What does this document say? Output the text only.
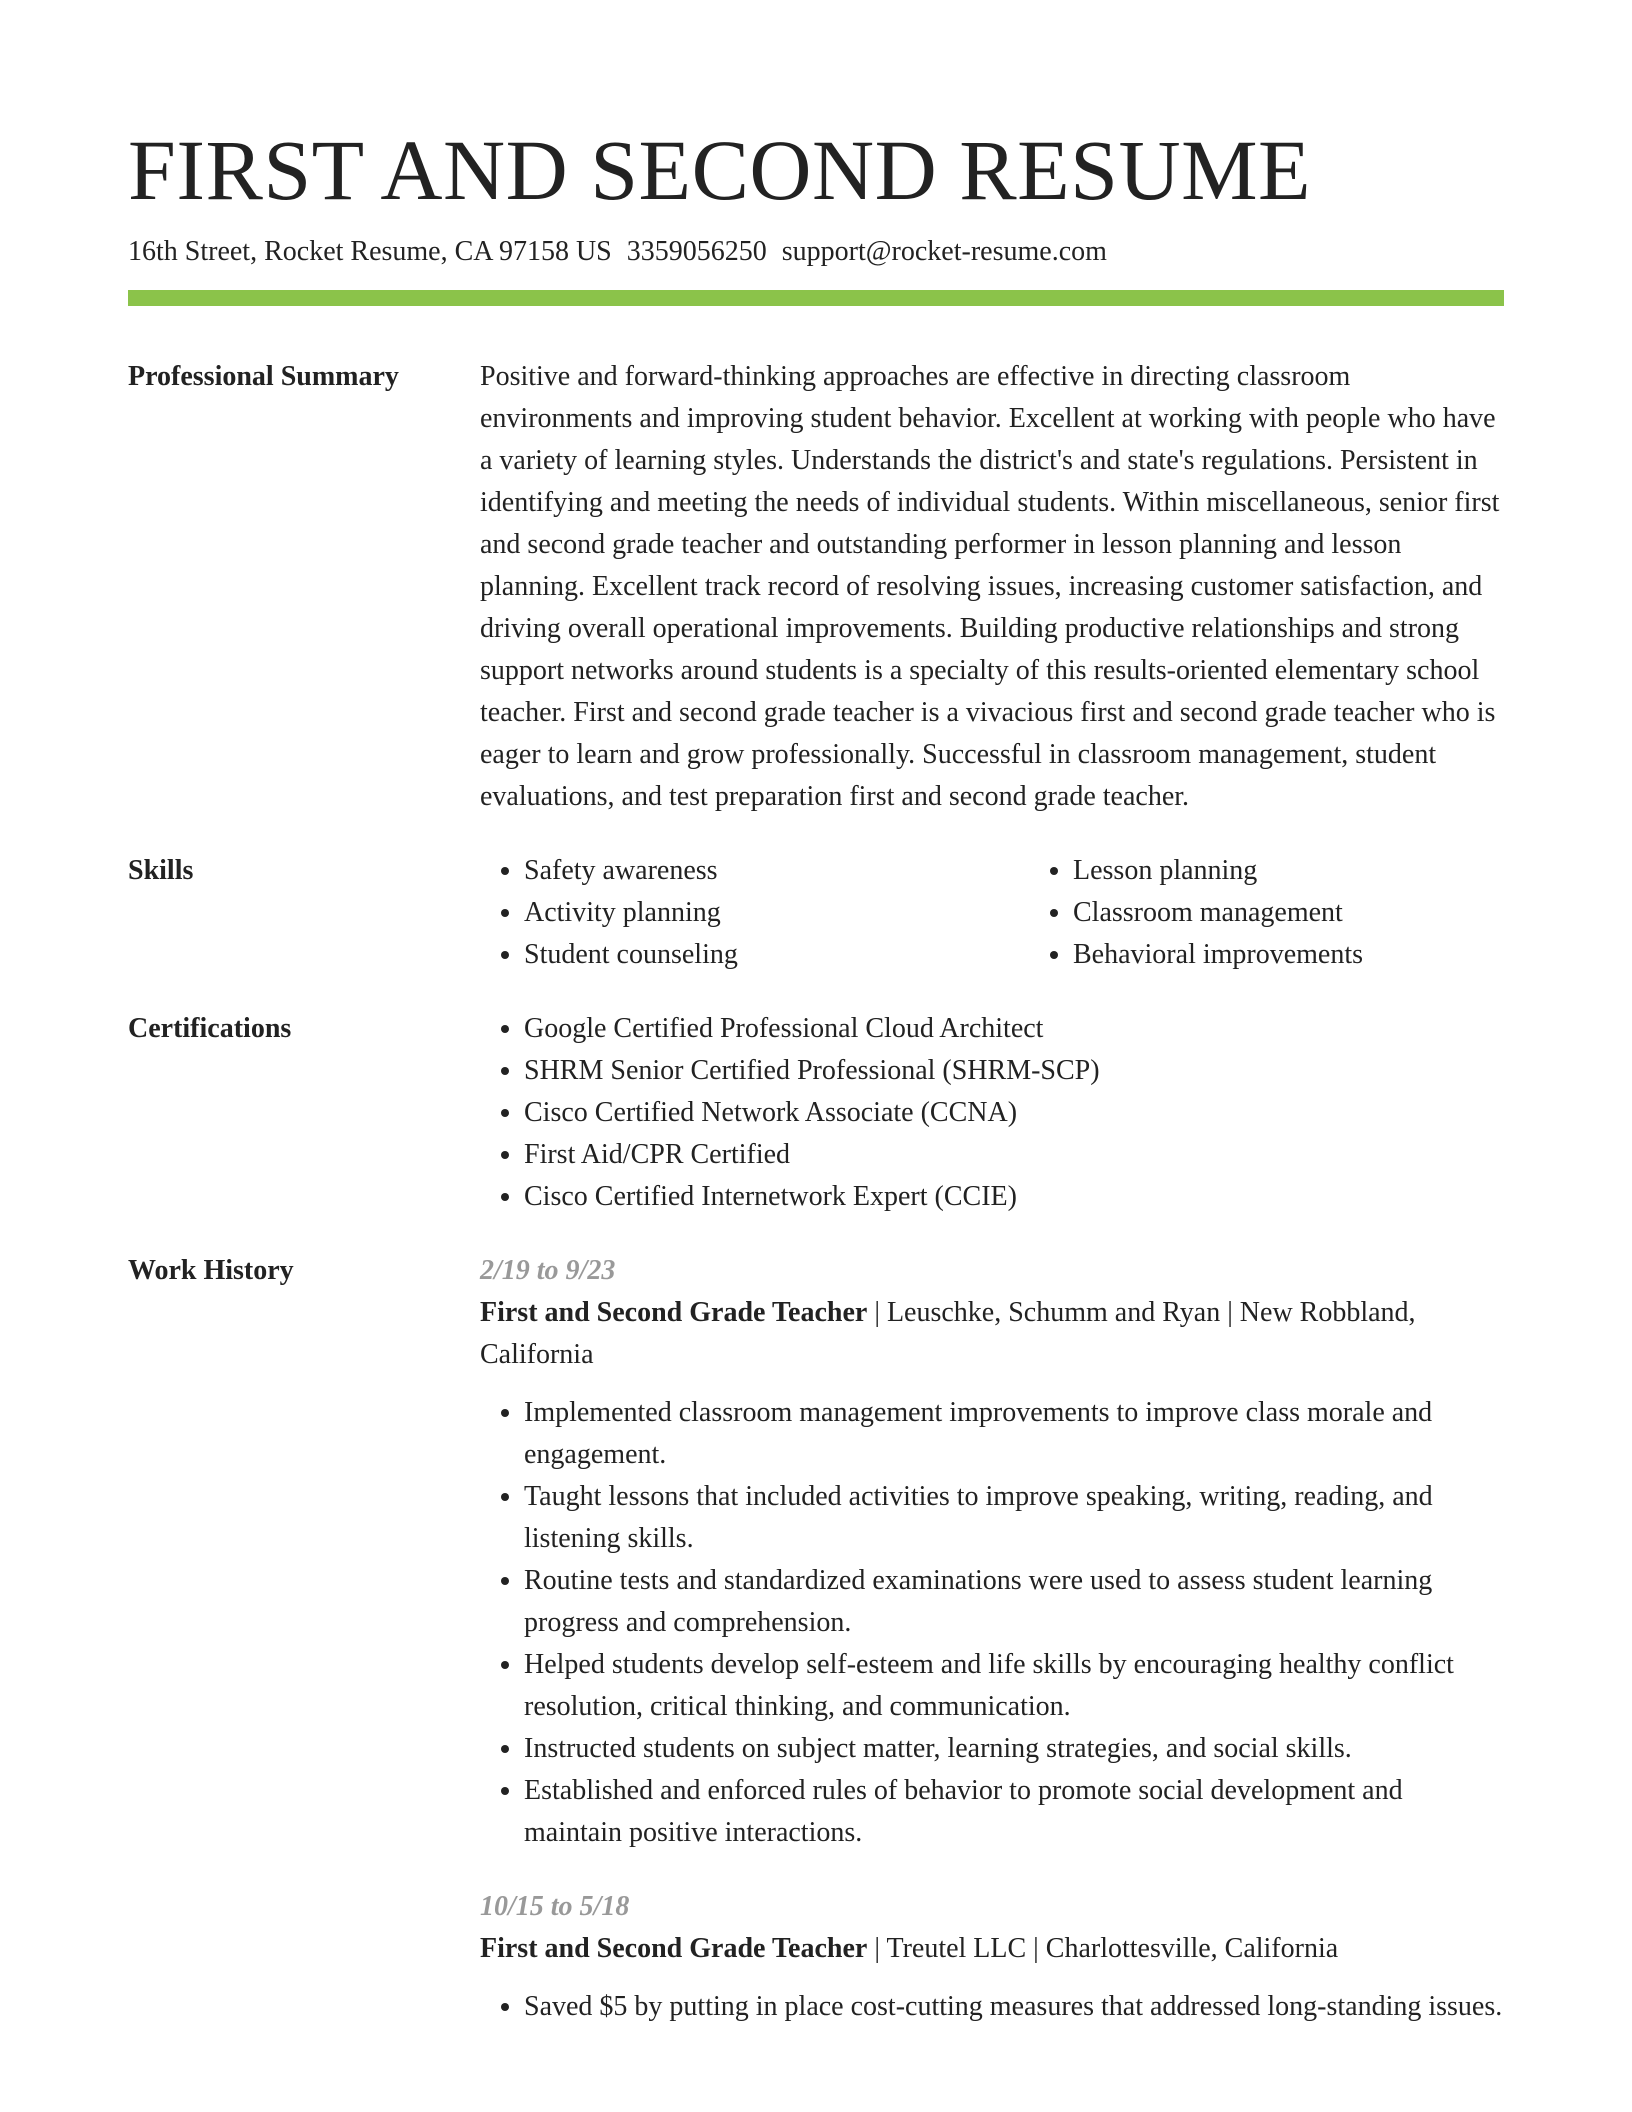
FIRST AND SECOND RESUME
16th Street, Rocket Resume, CA 97158 US 3359056250 support@rocket-resume.com
Professional Summary	Positive and forward-thinking approaches are effective in directing classroom environments and improving student behavior. Excellent at working with people who have a variety of learning styles. Understands the district's and state's regulations. Persistent in identifying and meeting the needs of individual students. Within miscellaneous, senior first and second grade teacher and outstanding performer in lesson planning and lesson planning. Excellent track record of resolving issues, increasing customer satisfaction, and driving overall operational improvements. Building productive relationships and strong support networks around students is a specialty of this results-oriented elementary school teacher. First and second grade teacher is a vivacious first and second grade teacher who is eager to learn and grow professionally. Successful in classroom management, student evaluations, and test preparation first and second grade teacher.

Skills	• Safety awareness
• Activity planning
• Student counseling
• Lesson planning
• Classroom management
• Behavioral improvements
Certifications	• Google Certified Professional Cloud Architect
• SHRM Senior Certified Professional (SHRM-SCP)
• Cisco Certified Network Associate (CCNA)
• First Aid/CPR Certified
• Cisco Certified Internetwork Expert (CCIE)
Work History	2/19 to 9/23

First and Second Grade Teacher | Leuschke, Schumm and Ryan | New Robbland, California

• Implemented classroom management improvements to improve class morale and engagement.
• Taught lessons that included activities to improve speaking, writing, reading, and listening skills.
• Routine tests and standardized examinations were used to assess student learning progress and comprehension.
• Helped students develop self-esteem and life skills by encouraging healthy conflict resolution, critical thinking, and communication.
• Instructed students on subject matter, learning strategies, and social skills.
• Established and enforced rules of behavior to promote social development and maintain positive interactions.
10/15 to 5/18

First and Second Grade Teacher | Treutel LLC | Charlottesville, California

• Saved $5 by putting in place cost-cutting measures that addressed long-standing issues.
